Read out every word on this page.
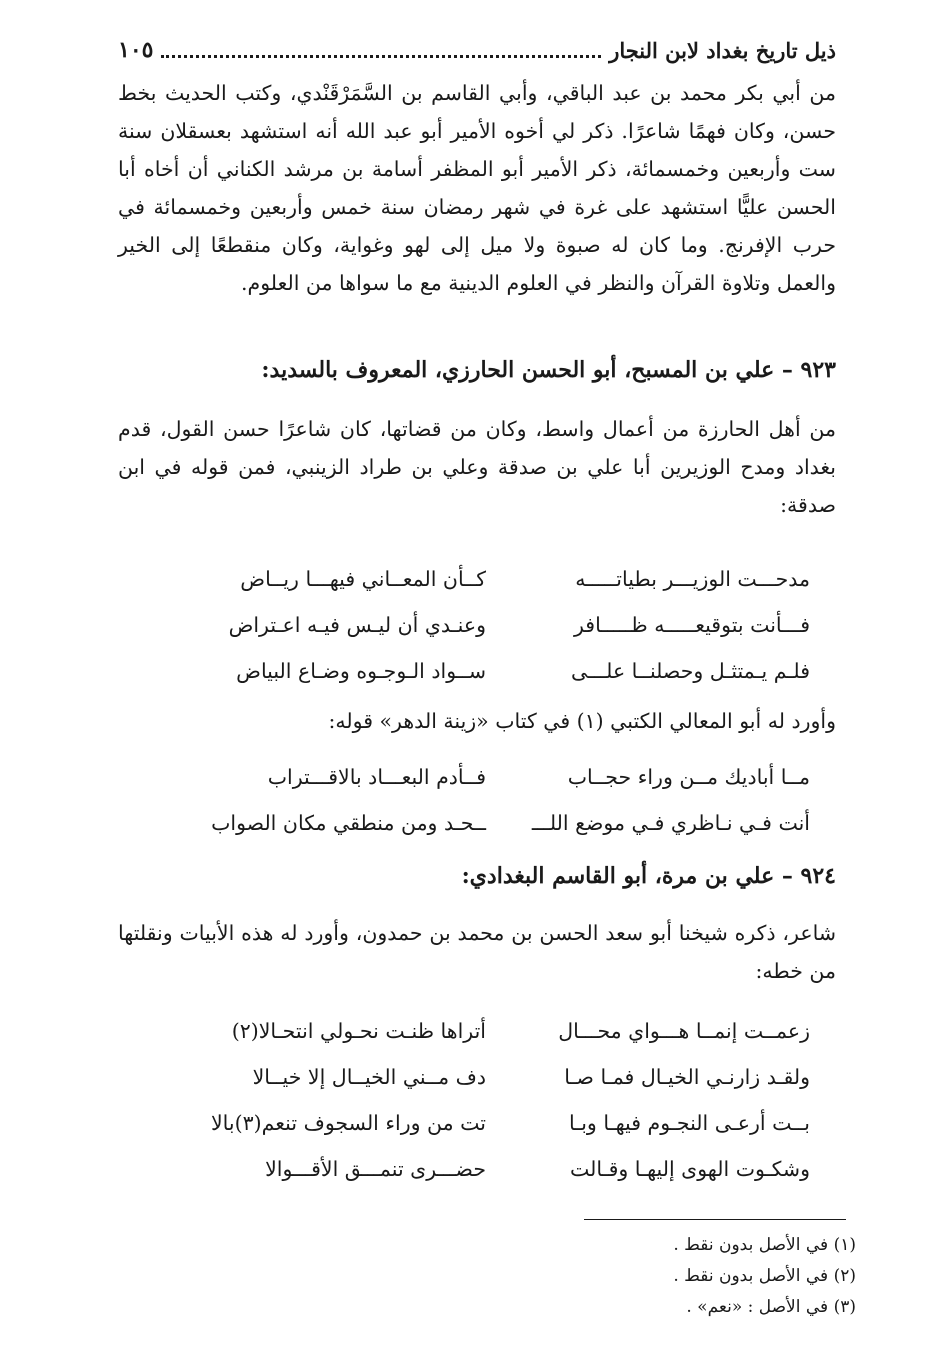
ذيل تاريخ بغداد لابن النجار
١٠٥

من أبي بكر محمد بن عبد الباقي، وأبي القاسم بن السَّمَرْقَنْدي، وكتب الحديث بخط حسن، وكان فهمًا شاعرًا. ذكر لي أخوه الأمير أبو عبد الله أنه استشهد بعسقلان سنة ست وأربعين وخمسمائة، ذكر الأمير أبو المظفر أسامة بن مرشد الكناني أن أخاه أبا الحسن عليًّا استشهد على غرة في شهر رمضان سنة خمس وأربعين وخمسمائة في حرب الإفرنج. وما كان له صبوة ولا ميل إلى لهو وغواية، وكان منقطعًا إلى الخير والعمل وتلاوة القرآن والنظر في العلوم الدينية مع ما سواها من العلوم.

٩٢٣ – علي بن المسبح، أبو الحسن الحارزي، المعروف بالسديد:

من أهل الحارزة من أعمال واسط، وكان من قضاتها، كان شاعرًا حسن القول، قدم بغداد ومدح الوزيرين أبا علي بن صدقة وعلي بن طراد الزينبي، فمن قوله في ابن صدقة:

مدحـــت الوزيـــر بطياتـــــه
كــأن المعــاني فيهـــا ريــاض
فـــأنت بتوقيعـــــه ظـــــافر
وعنـدي أن ليـس فيـه اعـتراض
فلـم يـمتثـل وحصلنــا علـــى
ســواد الـوجـوه وضـاع البياض

وأورد له أبو المعالي الكتبي (١) في كتاب «زينة الدهر» قوله:

مــا أباديك مــن وراء حجــاب
فــأدم البعـــاد بالاقـــتراب
أنت فـي نـاظري فـي موضع اللـــ
ــحـد ومن منطقي مكان الصواب
٩٢٤ – علي بن مرة، أبو القاسم البغدادي:

شاعر، ذكره شيخنا أبو سعد الحسن بن محمد بن حمدون، وأورد له هذه الأبيات ونقلتها من خطه:

زعمــت إنمــا هـــواي محـــال
أتراها ظنـت نحـولي انتحـالا(٢)
ولقـد زارنـي الخيـال فمـا صـا
دف مــني الخيــال إلا خيــالا
بــت أرعـى النجـوم فيهـا وبـا
تت من وراء السجوف تنعم(٣)بالا
وشكـوت الهوى إليهـا وقـالت
حضـــرى تنمـــق الأقـــوالا
(١) في الأصل بدون نقط .
(٢) في الأصل بدون نقط .
(٣) في الأصل : «نعم» .
